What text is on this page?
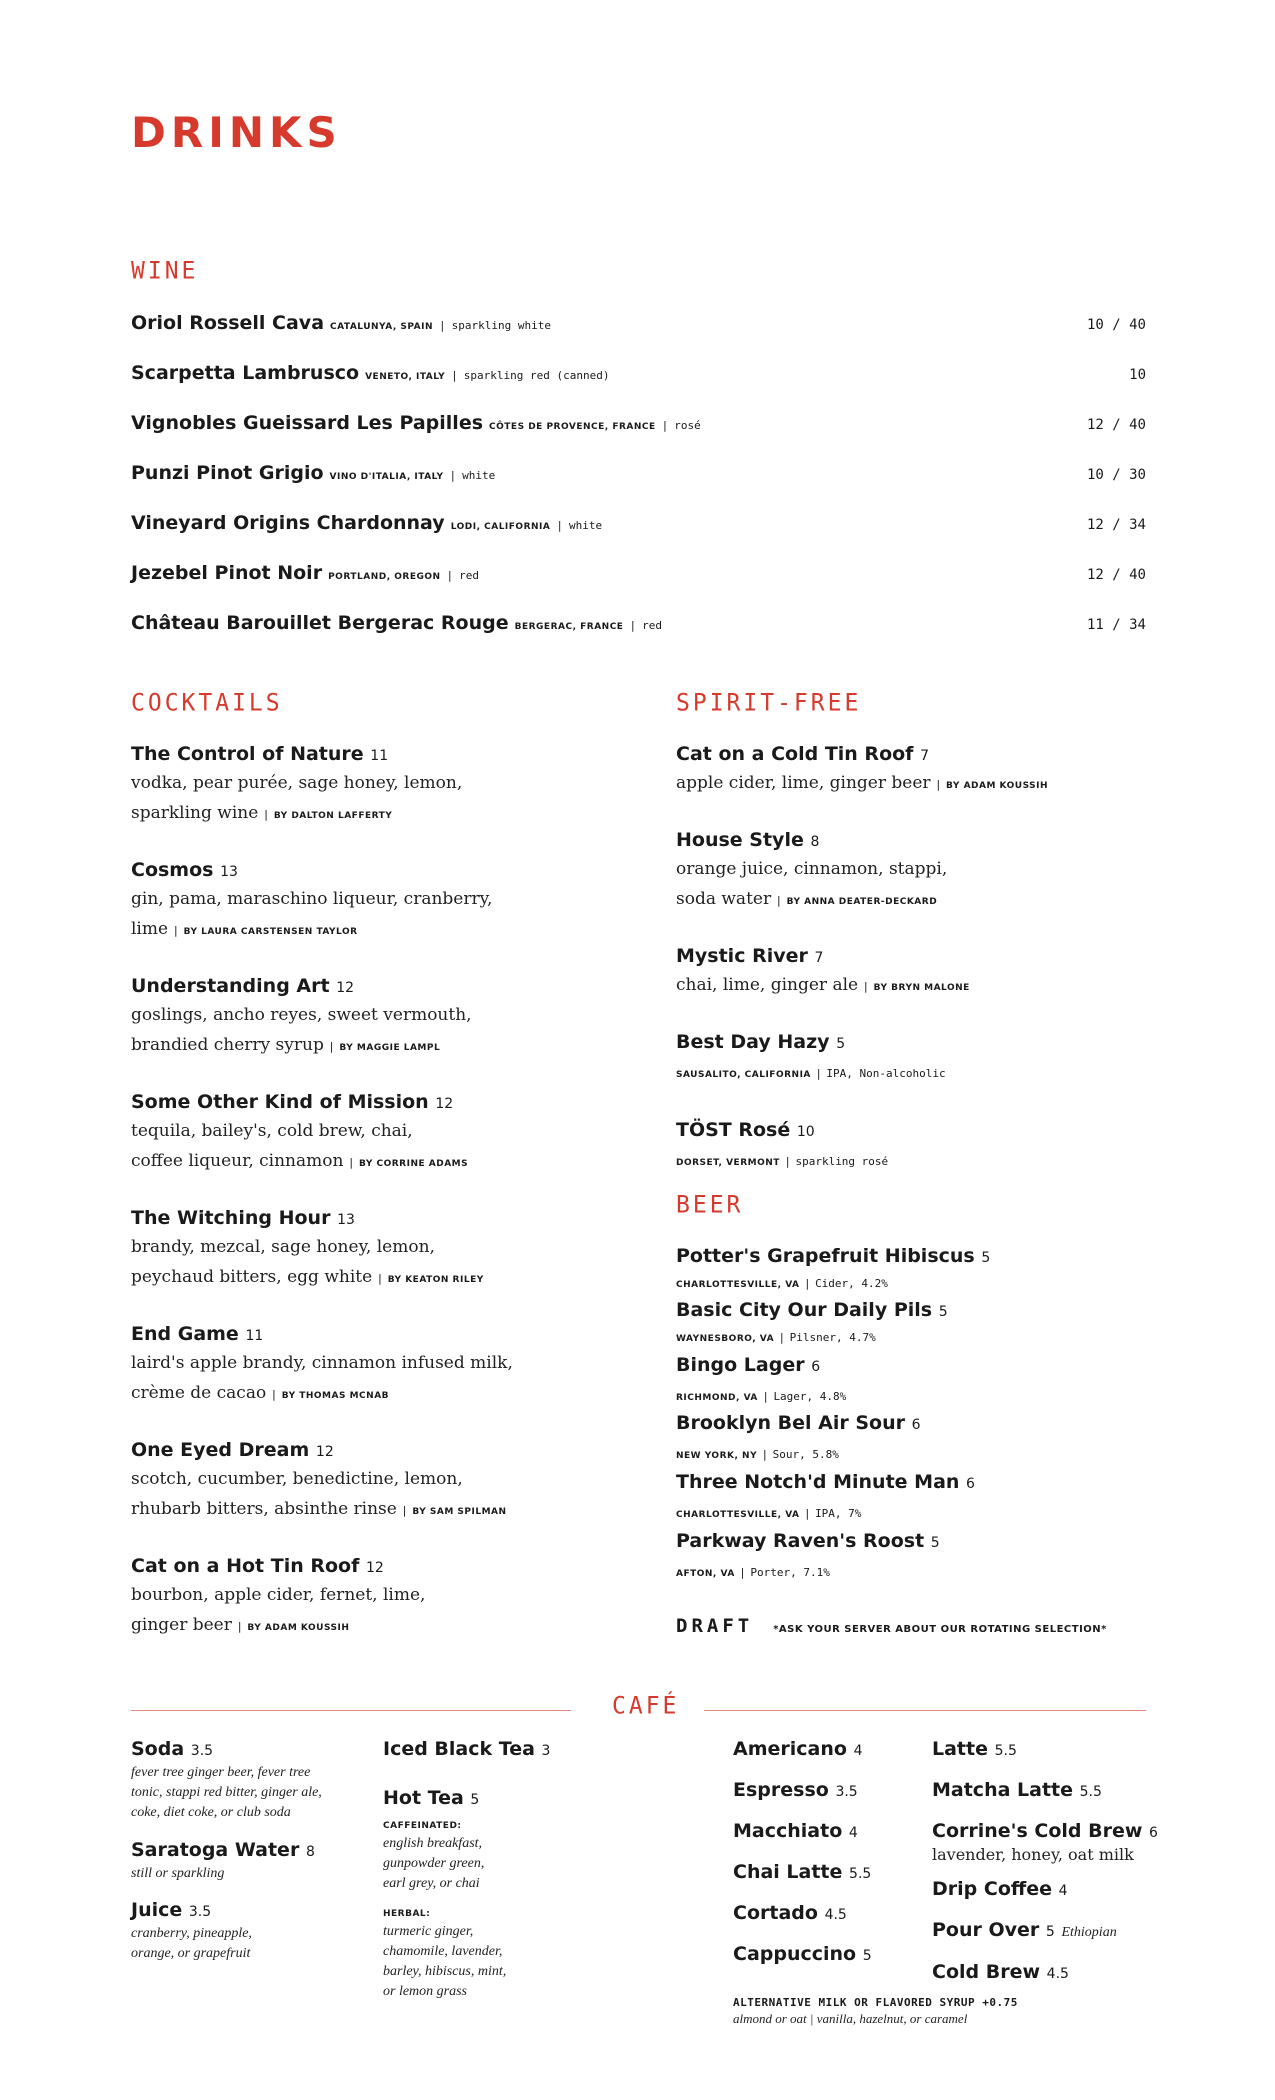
DRINKS
WINE
Oriol Rossell Cava CATALUNYA, SPAIN | sparkling white	10 / 40
Scarpetta Lambrusco VENETO, ITALY | sparkling red (canned)	10
Vignobles Gueissard Les Papilles CÔTES DE PROVENCE, FRANCE | rosé	12 / 40
Punzi Pinot Grigio VINO D'ITALIA, ITALY | white	10 / 30
Vineyard Origins Chardonnay LODI, CALIFORNIA | white	12 / 34
Jezebel Pinot Noir PORTLAND, OREGON | red	12 / 40
Château Barouillet Bergerac Rouge BERGERAC, FRANCE | red	11 / 34
COCKTAILS
The Control of Nature 11
vodka, pear purée, sage honey, lemon,
sparkling wine | BY DALTON LAFFERTY
Cosmos 13
gin, pama, maraschino liqueur, cranberry,
lime | BY LAURA CARSTENSEN TAYLOR
Understanding Art 12
goslings, ancho reyes, sweet vermouth,
brandied cherry syrup | BY MAGGIE LAMPL
Some Other Kind of Mission 12
tequila, bailey's, cold brew, chai,
coffee liqueur, cinnamon | BY CORRINE ADAMS
The Witching Hour 13
brandy, mezcal, sage honey, lemon,
peychaud bitters, egg white | BY KEATON RILEY
End Game 11
laird's apple brandy, cinnamon infused milk,
crème de cacao | BY THOMAS MCNAB
One Eyed Dream 12
scotch, cucumber, benedictine, lemon,
rhubarb bitters, absinthe rinse | BY SAM SPILMAN
Cat on a Hot Tin Roof 12
bourbon, apple cider, fernet, lime,
ginger beer | BY ADAM KOUSSIH
SPIRIT-FREE
Cat on a Cold Tin Roof 7
apple cider, lime, ginger beer | BY ADAM KOUSSIH
House Style 8
orange juice, cinnamon, stappi,
soda water | BY ANNA DEATER-DECKARD
Mystic River 7
chai, lime, ginger ale | BY BRYN MALONE
Best Day Hazy 5
SAUSALITO, CALIFORNIA | IPA, Non-alcoholic
TÖST Rosé 10
DORSET, VERMONT | sparkling rosé
BEER
Potter's Grapefruit Hibiscus 5
CHARLOTTESVILLE, VA | Cider, 4.2%
Basic City Our Daily Pils 5
WAYNESBORO, VA | Pilsner, 4.7%
Bingo Lager 6
RICHMOND, VA | Lager, 4.8%
Brooklyn Bel Air Sour 6
NEW YORK, NY | Sour, 5.8%
Three Notch'd Minute Man 6
CHARLOTTESVILLE, VA | IPA, 7%
Parkway Raven's Roost 5
AFTON, VA | Porter, 7.1%
DRAFT *ASK YOUR SERVER ABOUT OUR ROTATING SELECTION*
CAFÉ
Soda 3.5
fever tree ginger beer, fever tree
tonic, stappi red bitter, ginger ale,
coke, diet coke, or club soda
Saratoga Water 8
still or sparkling
Juice 3.5
cranberry, pineapple,
orange, or grapefruit
Iced Black Tea 3
Hot Tea 5
CAFFEINATED:
english breakfast,
gunpowder green,
earl grey, or chai
HERBAL:
turmeric ginger,
chamomile, lavender,
barley, hibiscus, mint,
or lemon grass
Americano 4
Espresso 3.5
Macchiato 4
Chai Latte 5.5
Cortado 4.5
Cappuccino 5
Latte 5.5
Matcha Latte 5.5
Corrine's Cold Brew 6
lavender, honey, oat milk
Drip Coffee 4
Pour Over 5 Ethiopian
Cold Brew 4.5
ALTERNATIVE MILK OR FLAVORED SYRUP +0.75
almond or oat | vanilla, hazelnut, or caramel
